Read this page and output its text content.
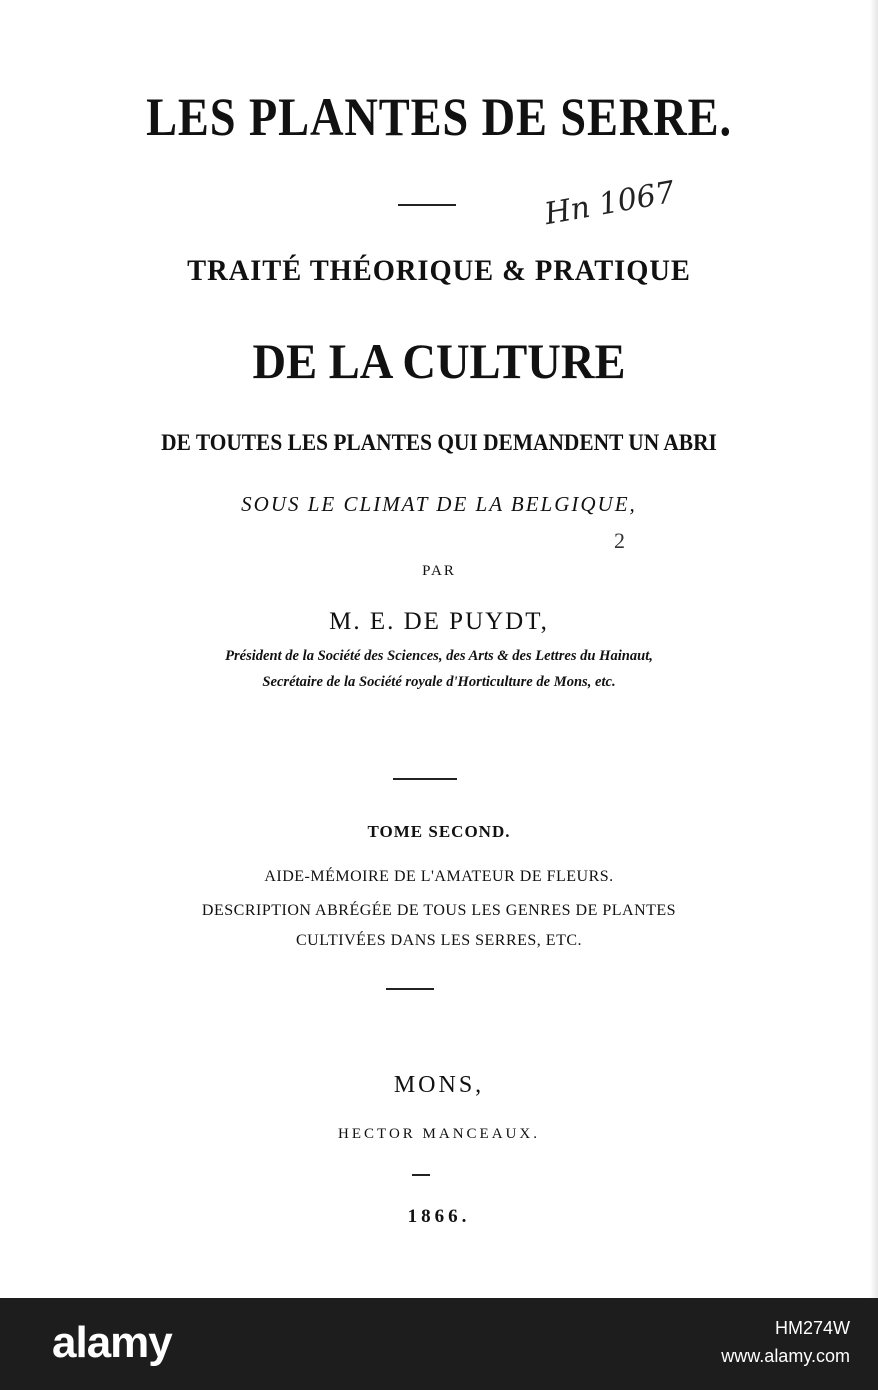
LES PLANTES DE SERRE.
Hn 1067
TRAITÉ THÉORIQUE & PRATIQUE
DE LA CULTURE
DE TOUTES LES PLANTES QUI DEMANDENT UN ABRI
SOUS LE CLIMAT DE LA BELGIQUE,
2
PAR
M. E. DE PUYDT,
Président de la Société des Sciences, des Arts & des Lettres du Hainaut,
Secrétaire de la Société royale d'Horticulture de Mons, etc.
TOME SECOND.
AIDE-MÉMOIRE DE L'AMATEUR DE FLEURS.
DESCRIPTION ABRÉGÉE DE TOUS LES GENRES DE PLANTES
CULTIVÉES DANS LES SERRES, ETC.
MONS,
HECTOR MANCEAUX.
1866.
alamy	HM274W
www.alamy.com
